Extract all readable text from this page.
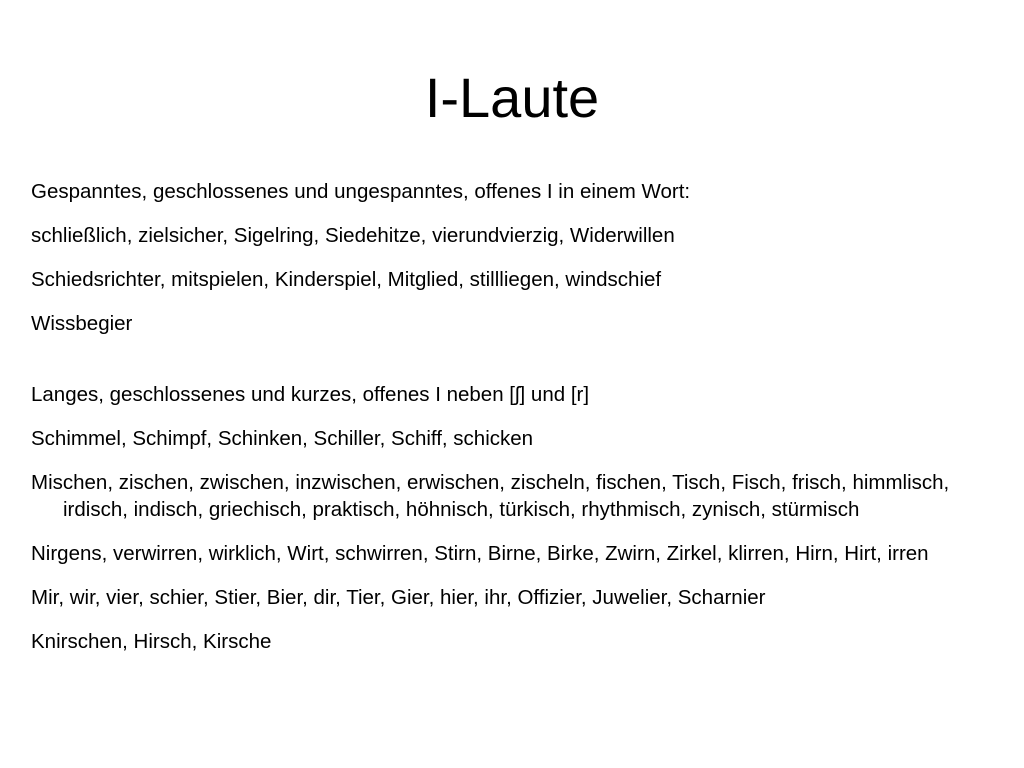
I-Laute

Gespanntes, geschlossenes und ungespanntes, offenes I in einem Wort:

schließlich, zielsicher, Sigelring, Siedehitze, vierundvierzig, Widerwillen

Schiedsrichter, mitspielen, Kinderspiel, Mitglied, stillliegen, windschief

Wissbegier

Langes, geschlossenes und kurzes, offenes I neben [ʃ] und [r]

Schimmel, Schimpf, Schinken, Schiller, Schiff, schicken

Mischen, zischen, zwischen, inzwischen, erwischen, zischeln, fischen, Tisch, Fisch, frisch, himmlisch, irdisch, indisch, griechisch, praktisch, höhnisch, türkisch, rhythmisch, zynisch, stürmisch

Nirgens, verwirren, wirklich, Wirt, schwirren, Stirn, Birne, Birke, Zwirn, Zirkel, klirren, Hirn, Hirt, irren

Mir, wir, vier, schier, Stier, Bier, dir, Tier, Gier, hier, ihr, Offizier, Juwelier, Scharnier

Knirschen, Hirsch, Kirsche
